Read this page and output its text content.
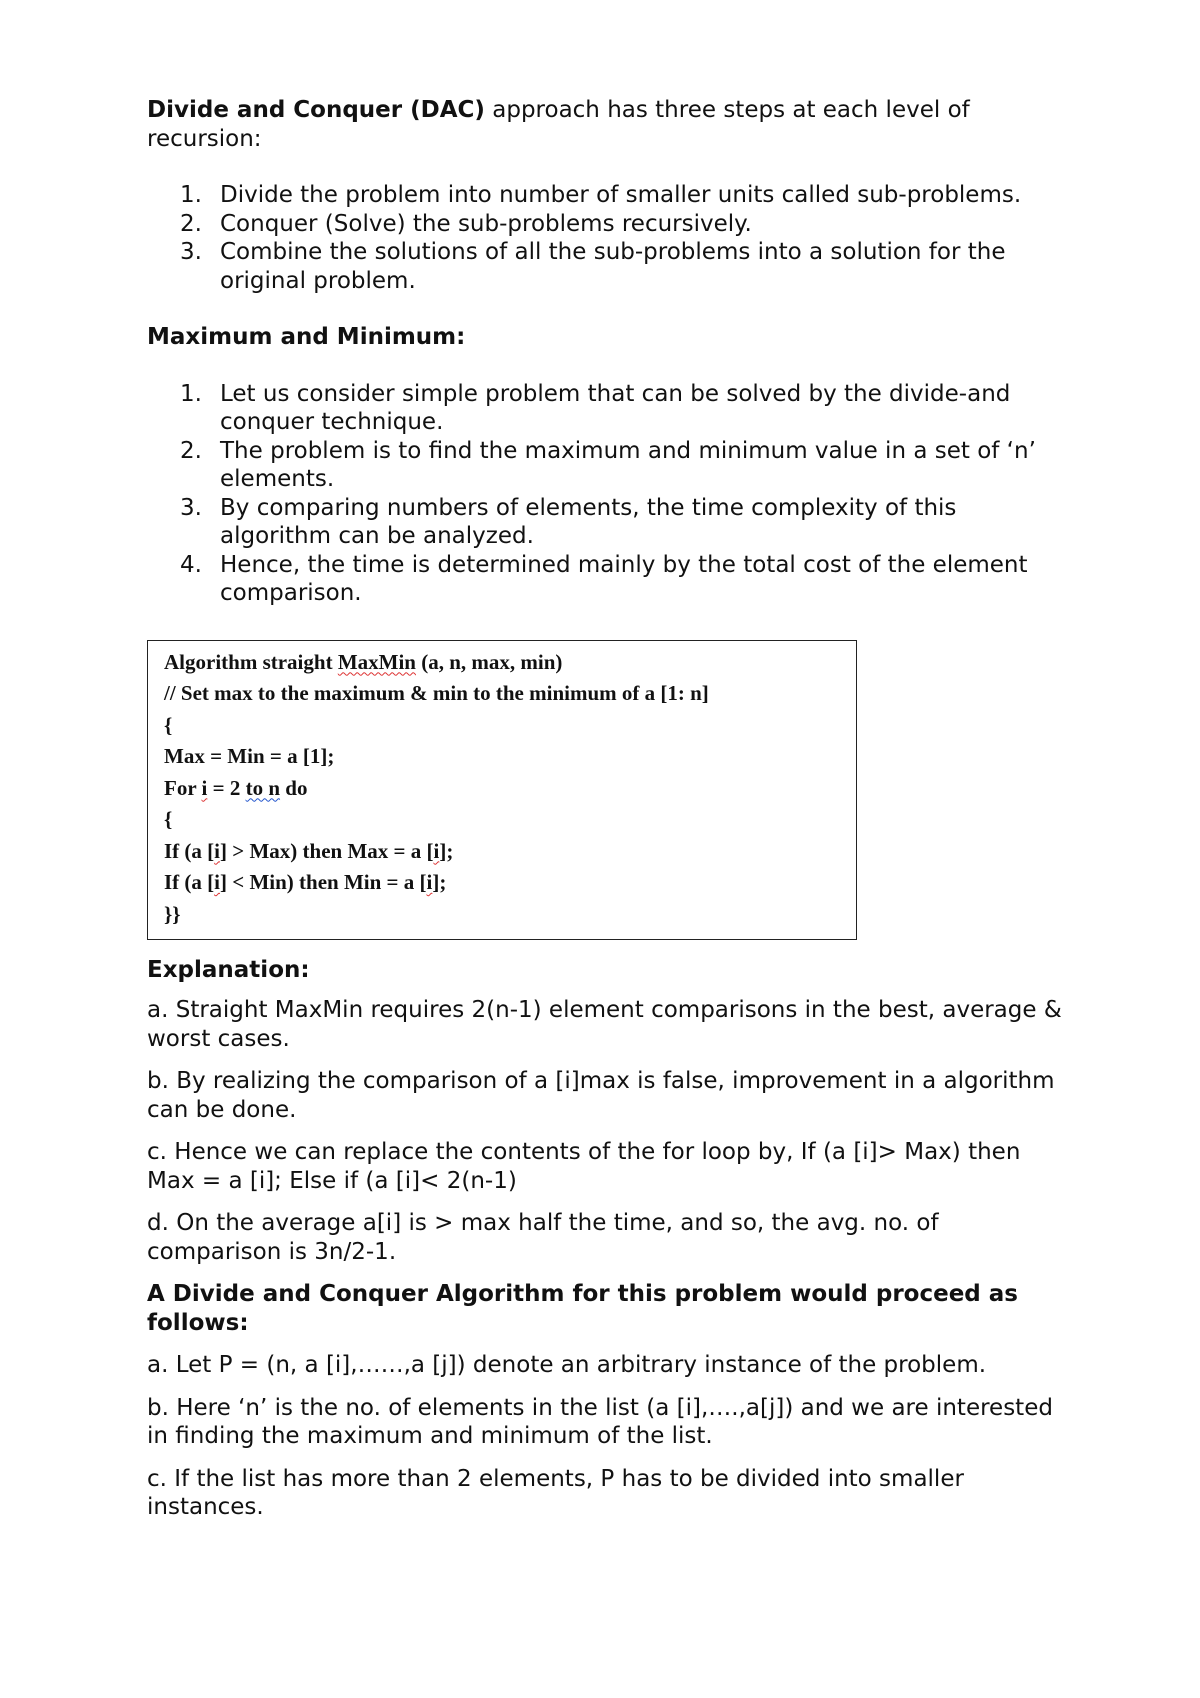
Divide and Conquer (DAC) approach has three steps at each level of recursion:

1. Divide the problem into number of smaller units called sub-problems.
2. Conquer (Solve) the sub-problems recursively.
3. Combine the solutions of all the sub-problems into a solution for the original problem.

Maximum and Minimum:

1. Let us consider simple problem that can be solved by the divide-and conquer technique.
2. The problem is to find the maximum and minimum value in a set of ‘n’ elements.
3. By comparing numbers of elements, the time complexity of this algorithm can be analyzed.
4. Hence, the time is determined mainly by the total cost of the element comparison.
Algorithm straight MaxMin (a, n, max, min)
// Set max to the maximum & min to the minimum of a [1: n]
{
Max = Min = a [1];
For i = 2 to n do
{
If (a [i] > Max) then Max = a [i];
If (a [i] < Min) then Min = a [i];
}}

Explanation:

a. Straight MaxMin requires 2(n-1) element comparisons in the best, average & worst cases.

b. By realizing the comparison of a [i]max is false, improvement in a algorithm can be done.

c. Hence we can replace the contents of the for loop by, If (a [i]> Max) then Max = a [i]; Else if (a [i]< 2(n-1)

d. On the average a[i] is > max half the time, and so, the avg. no. of comparison is 3n/2-1.

A Divide and Conquer Algorithm for this problem would proceed as follows:

a. Let P = (n, a [i],……,a [j]) denote an arbitrary instance of the problem.

b. Here ‘n’ is the no. of elements in the list (a [i],….,a[j]) and we are interested in finding the maximum and minimum of the list.

c. If the list has more than 2 elements, P has to be divided into smaller instances.
